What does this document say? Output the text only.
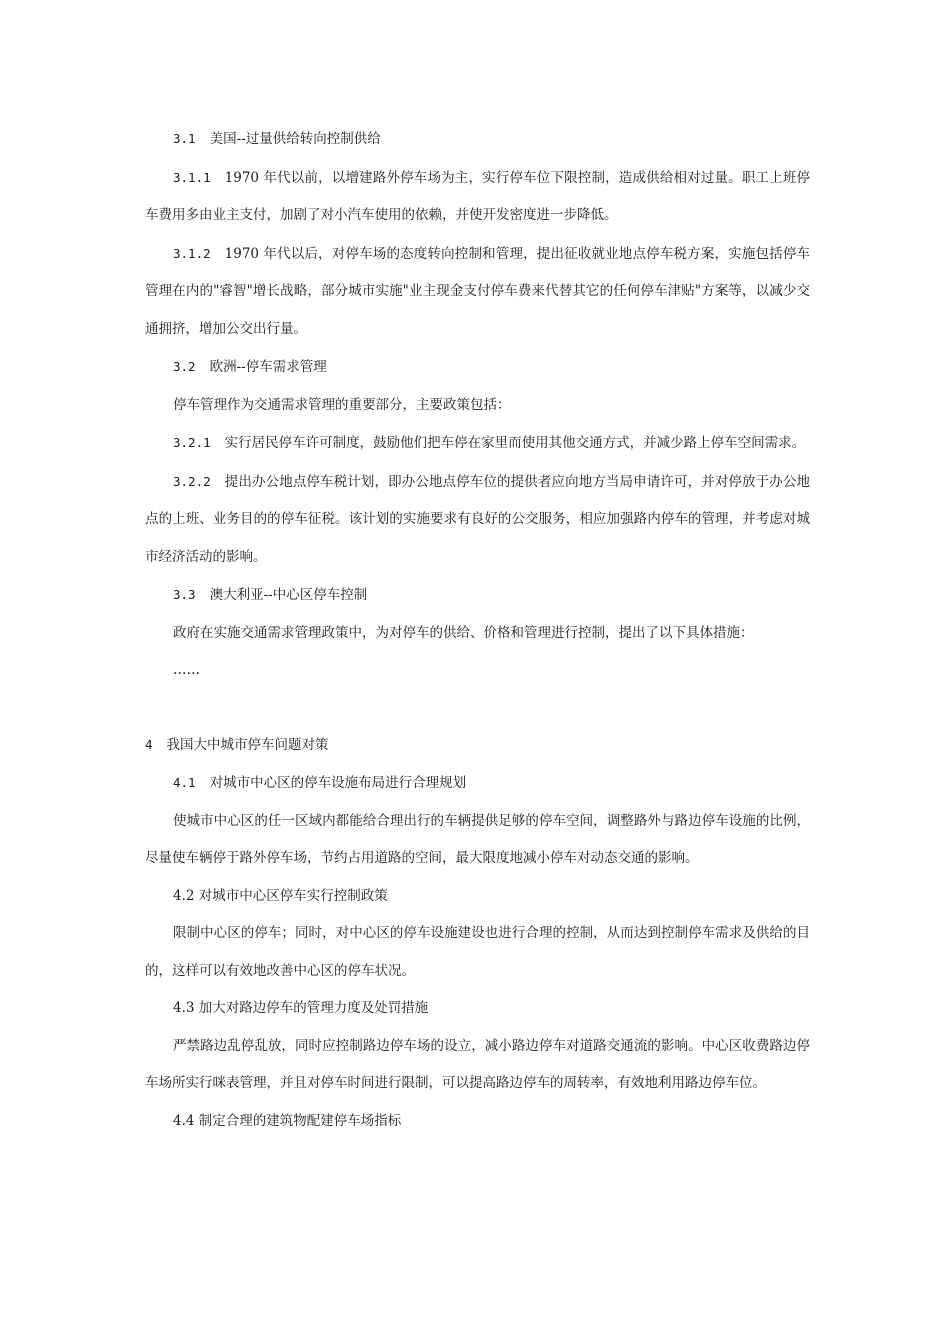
3.1 美国--过量供给转向控制供给

3.1.1 1970 年代以前，以增建路外停车场为主，实行停车位下限控制，造成供给相对过量。职工上班停车费用多由业主支付，加剧了对小汽车使用的依赖，并使开发密度进一步降低。

3.1.2 1970 年代以后，对停车场的态度转向控制和管理，提出征收就业地点停车税方案，实施包括停车管理在内的"睿智"增长战略，部分城市实施"业主现金支付停车费来代替其它的任何停车津贴"方案等，以减少交通拥挤，增加公交出行量。

3.2 欧洲--停车需求管理

停车管理作为交通需求管理的重要部分，主要政策包括：

3.2.1 实行居民停车许可制度，鼓励他们把车停在家里而使用其他交通方式，并减少路上停车空间需求。

3.2.2 提出办公地点停车税计划，即办公地点停车位的提供者应向地方当局申请许可，并对停放于办公地点的上班、业务目的的停车征税。该计划的实施要求有良好的公交服务，相应加强路内停车的管理，并考虑对城市经济活动的影响。

3.3 澳大利亚--中心区停车控制

政府在实施交通需求管理政策中，为对停车的供给、价格和管理进行控制，提出了以下具体措施：

……

4 我国大中城市停车问题对策

4.1 对城市中心区的停车设施布局进行合理规划

使城市中心区的任一区域内都能给合理出行的车辆提供足够的停车空间，调整路外与路边停车设施的比例，尽量使车辆停于路外停车场，节约占用道路的空间，最大限度地减小停车对动态交通的影响。

4.2 对城市中心区停车实行控制政策

限制中心区的停车；同时，对中心区的停车设施建设也进行合理的控制，从而达到控制停车需求及供给的目的，这样可以有效地改善中心区的停车状况。

4.3 加大对路边停车的管理力度及处罚措施

严禁路边乱停乱放，同时应控制路边停车场的设立，减小路边停车对道路交通流的影响。中心区收费路边停车场所实行咪表管理，并且对停车时间进行限制，可以提高路边停车的周转率，有效地利用路边停车位。

4.4 制定合理的建筑物配建停车场指标
